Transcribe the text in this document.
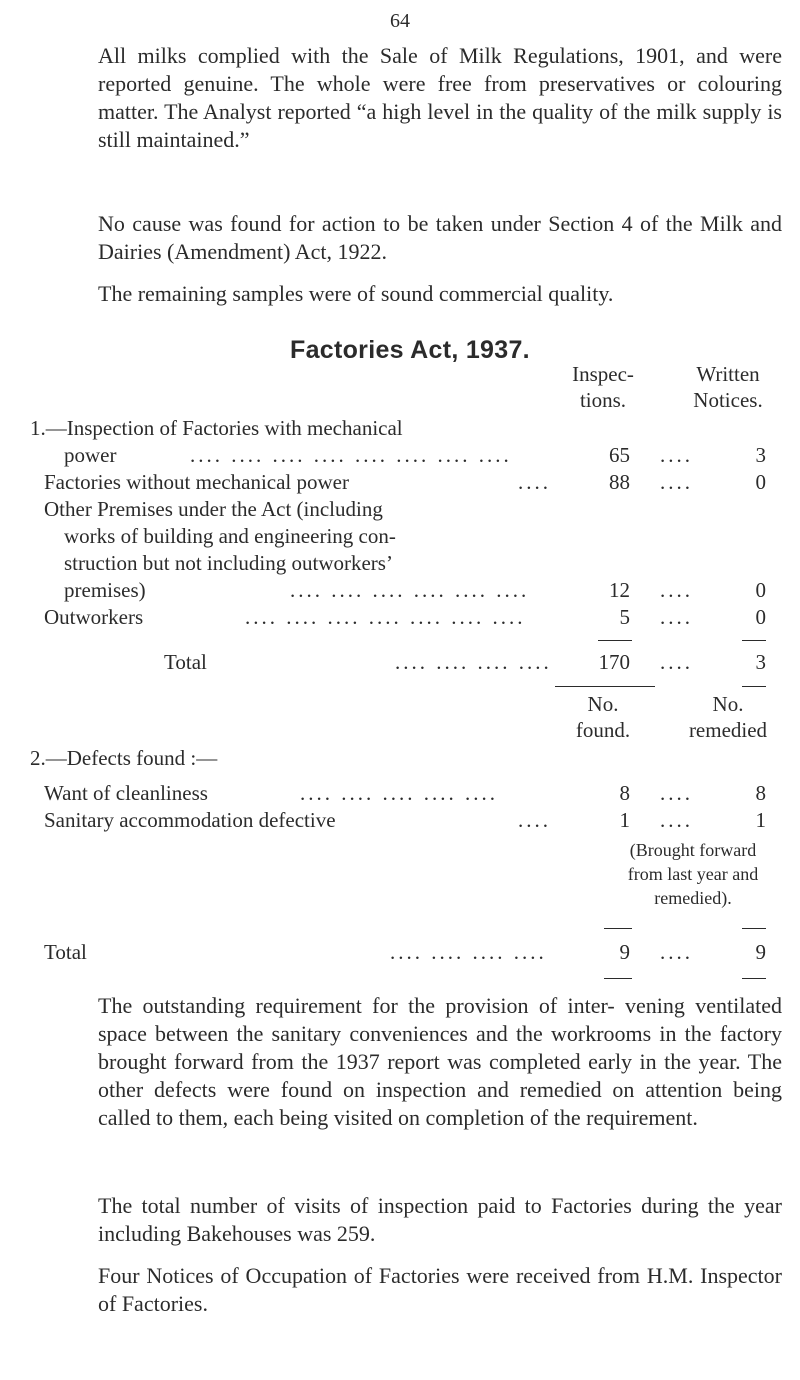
64

All milks complied with the Sale of Milk Regulations, 1901, and were reported genuine. The whole were free from preservatives or colouring matter. The Analyst reported “a high level in the quality of the milk supply is still maintained.”

No cause was found for action to be taken under Section 4 of the Milk and Dairies (Amendment) Act, 1922.

The remaining samples were of sound commercial quality.

Factories Act, 1937.
Inspec-
tions.
Written
Notices.
1.—Inspection of Factories with mechanical
power	.... .... .... .... .... .... .... ....	65 ....	3
Factories without mechanical power	....	88 ....	0
Other Premises under the Act (including
works of building and engineering con-
struction but not including outworkers’
premises)	.... .... .... .... .... ....	12 ....	0
Outworkers	.... .... .... .... .... .... ....	5 ....	0
Total	.... .... .... ....	170 ....	3
No.
found.
No.
remedied
2.—Defects found :—
Want of cleanliness	.... .... .... .... ....	8 ....	8
Sanitary accommodation defective	....	1 ....	1
(Brought forward
from last year and
remedied).
Total	.... .... .... ....	9 ....	9

The outstanding requirement for the provision of inter- vening ventilated space between the sanitary conveniences and the workrooms in the factory brought forward from the 1937 report was completed early in the year. The other defects were found on inspection and remedied on attention being called to them, each being visited on completion of the requirement.

The total number of visits of inspection paid to Factories during the year including Bakehouses was 259.

Four Notices of Occupation of Factories were received from H.M. Inspector of Factories.
